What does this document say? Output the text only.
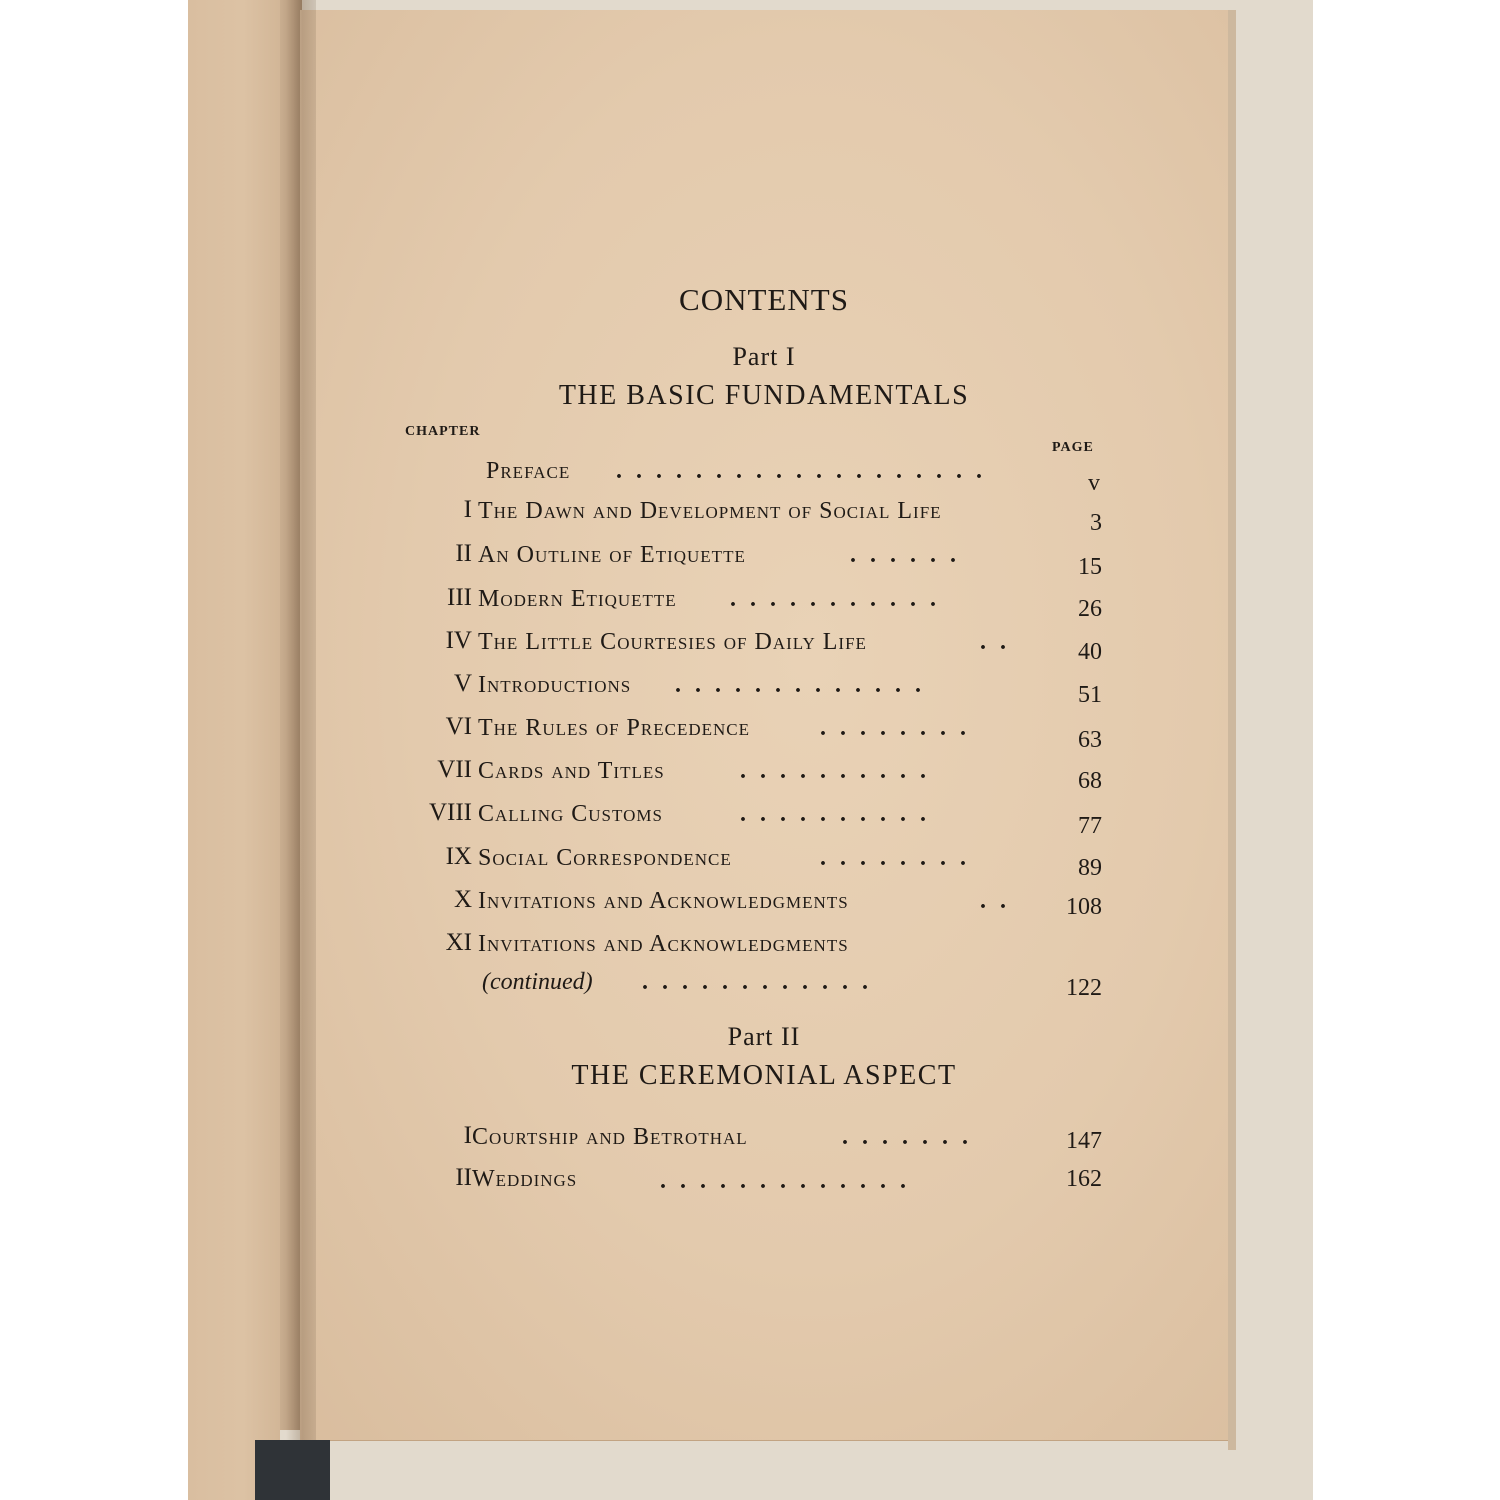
CONTENTS
Part I
THE BASIC FUNDAMENTALS
CHAPTER
PAGE
Preface ...................	v
I The Dawn and Development of Social Life	3
II An Outline of Etiquette	......	15
III Modern Etiquette ...........	26
IV The Little Courtesies of Daily Life	..	40
V Introductions .............	51
VI The Rules of Precedence	........	63
VII Cards and Titles	..........	68
VIII Calling Customs	..........	77
IX Social Correspondence	........	89
X Invitations and Acknowledgments	..	108
XI Invitations and Acknowledgments
(continued) ............	122
Part II
THE CEREMONIAL ASPECT
I Courtship and Betrothal	.......	147
II Weddings	.............	162
